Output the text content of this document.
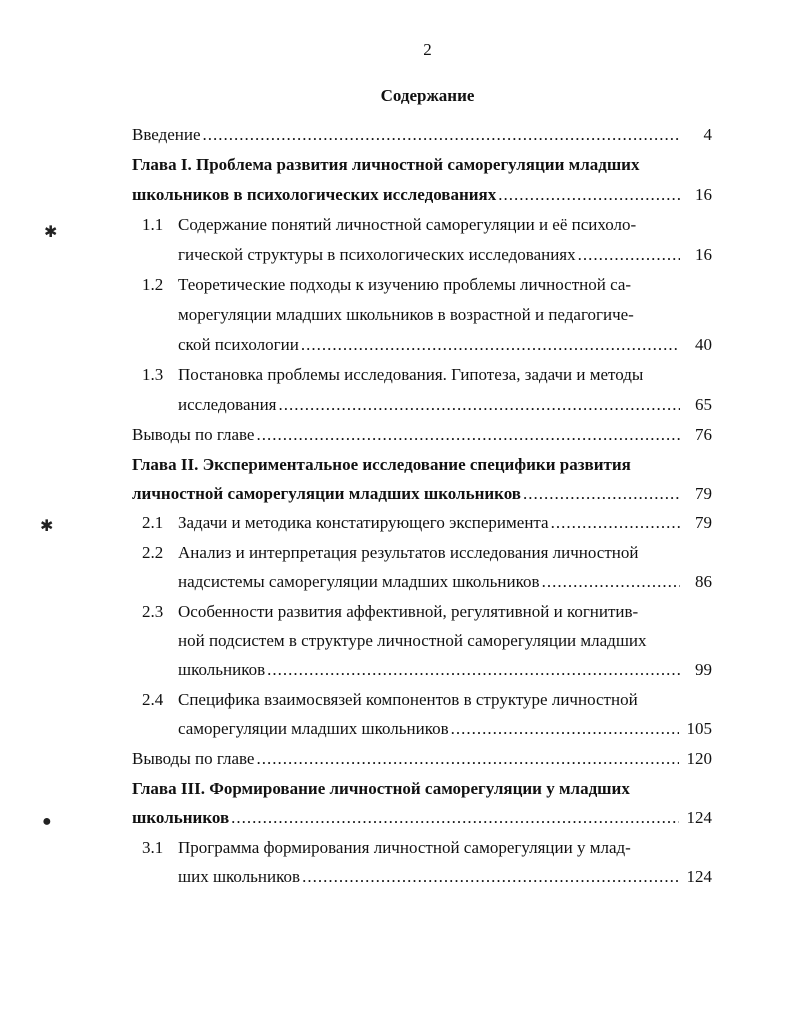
2
Содержание
✱
✱
●
Введение .....	4
Глава I. Проблема развития личностной саморегуляции младших
школьников в психологических исследованиях .....	16
1.1 Содержание понятий личностной саморегуляции и её психоло-
гической структуры в психологических исследованиях .....	16
1.2 Теоретические подходы к изучению проблемы личностной са-
морегуляции младших школьников в возрастной и педагогиче-
ской психологии .....	40
1.3 Постановка проблемы исследования. Гипотеза, задачи и методы
исследования .....	65
Выводы по главе .....	76
Глава II. Экспериментальное исследование специфики развития
личностной саморегуляции младших школьников .....	79
2.1 Задачи и методика констатирующего эксперимента .....	79
2.2 Анализ и интерпретация результатов исследования личностной
надсистемы саморегуляции младших школьников .....	86
2.3 Особенности развития аффективной, регулятивной и когнитив-
ной подсистем в структуре личностной саморегуляции младших
школьников .....	99
2.4 Специфика взаимосвязей компонентов в структуре личностной
саморегуляции младших школьников .....	105
Выводы по главе .....	120
Глава III. Формирование личностной саморегуляции у младших
школьников .....	124
3.1 Программа формирования личностной саморегуляции у млад-
ших школьников .....	124
